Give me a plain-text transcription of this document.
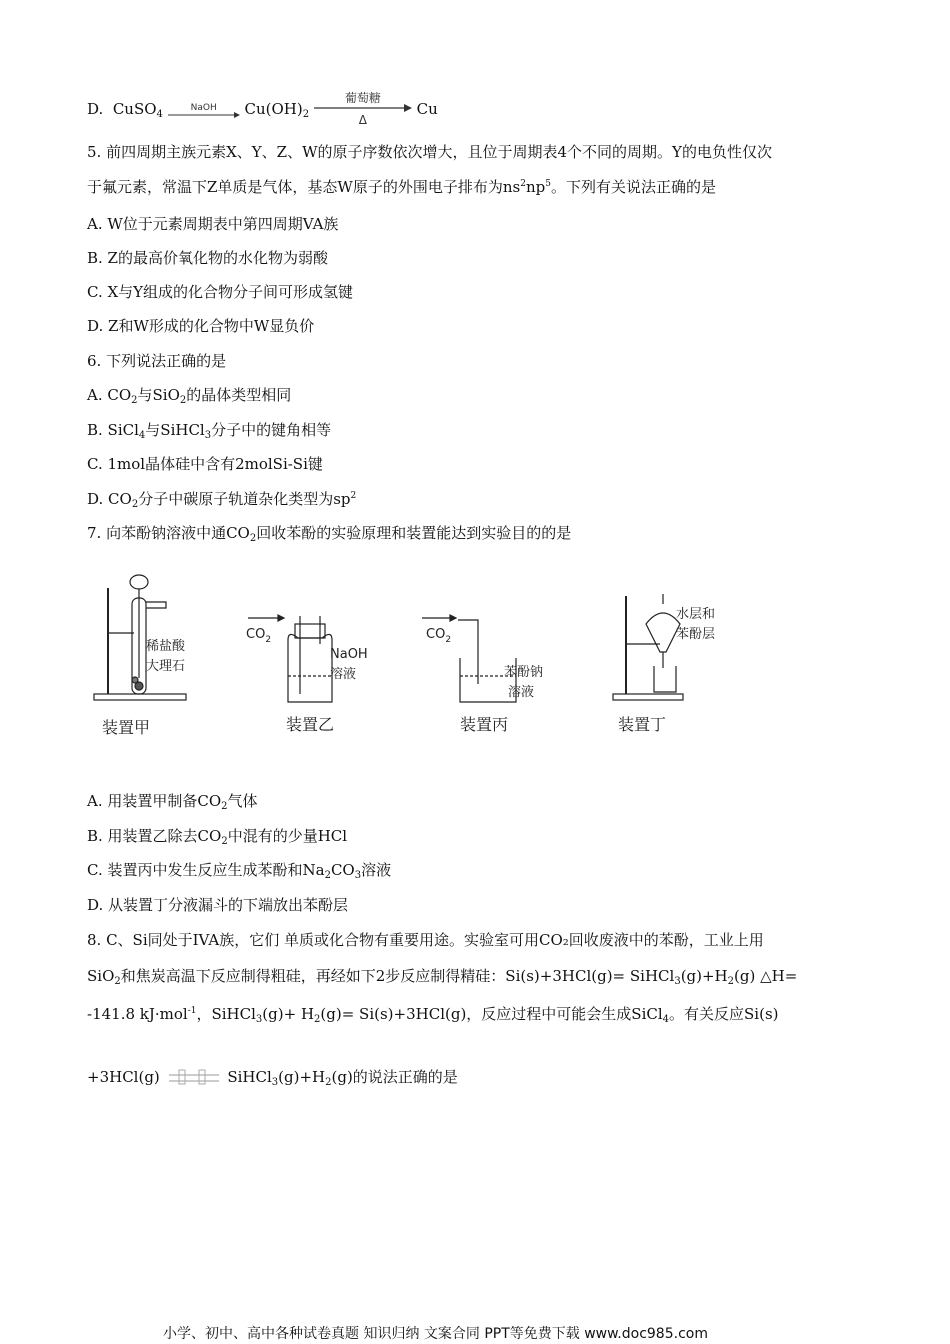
D. CuSO$_4$
NaOH	$Cu(OH)_2$
葡萄糖
Δ
Cu
5. 前四周期主族元素X、Y、Z、W的原子序数依次增大，且位于周期表4个不同的周期。Y的电负性仅次
于氟元素，常温下Z单质是气体，基态W原子的外围电子排布为$ns^2np^5$。下列有关说法正确的是
A. W位于元素周期表中第四周期VA族
B. Z的最高价氧化物的水化物为弱酸
C. X与Y组成的化合物分子间可形成氢键
D. Z和W形成的化合物中W显负价
6. 下列说法正确的是
A. $CO_2$与SiO$_2$的晶体类型相同
B. SiCl$_4$与SiHCl$_3$分子中的键角相等
C. 1mol晶体硅中含有2molSi-Si键
D. $CO_2$分子中碳原子轨道杂化类型为$sp^2$
7. 向苯酚钠溶液中通$CO_2$回收苯酚的实验原理和装置能达到实验目的的是
稀盐酸
大理石
装置甲
$CO_2$
NaOH
溶液
装置乙
$CO_2$
苯酚钠
溶液
装置丙
水层和
苯酚层
装置丁
A. 用装置甲制备$CO_2$气体
B. 用装置乙除去$CO_2$中混有的少量HCl
C. 装置丙中发生反应生成苯酚和$Na_2CO_3$溶液
D. 从装置丁分液漏斗的下端放出苯酚层
8. C、Si同处于IVA族，它们 单质或化合物有重要用途。实验室可用CO₂回收废液中的苯酚，工业上用
SiO$_2$和焦炭高温下反应制得粗硅，再经如下2步反应制得精硅：$Si(s)+3HCl(g)= SiHCl_3(g)+H_2(g)$ △H=
-141.8 kJ·mol$^{-1}$，SiHCl$_3$(g)+ $H_2(g)= Si(s)+3HCl(g)$，反应过程中可能会生成SiCl$_4$。有关反应Si(s)
+3HCl(g) ⇌ $SiHCl_3(g)+H_2(g)$的说法正确的是
小学、初中、高中各种试卷真题 知识归纳 文案合同 PPT等免费下载 www.doc985.com
